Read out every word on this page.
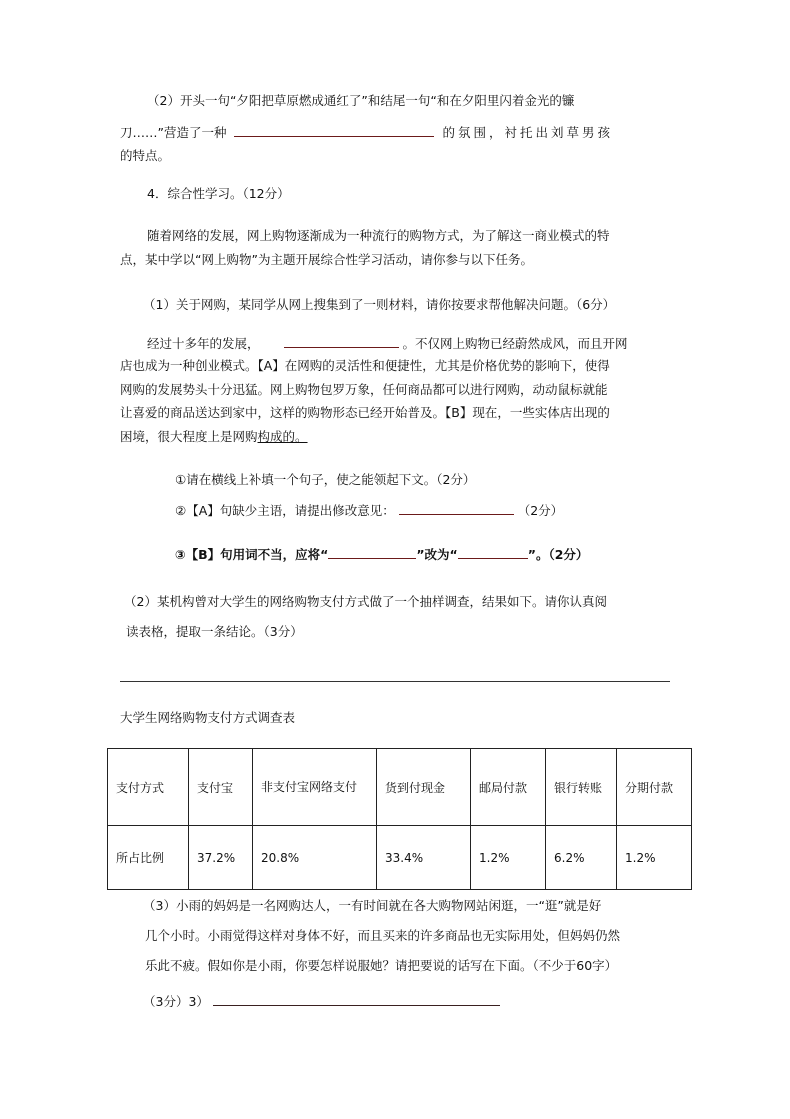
（2）开头一句“夕阳把草原燃成通红了”和结尾一句“和在夕阳里闪着金光的镰
刀……”营造了一种	的氛围，衬托出刘草男孩
的特点。
4．综合性学习。（12分）
随着网络的发展，网上购物逐渐成为一种流行的购物方式，为了解这一商业模式的特
点，某中学以“网上购物”为主题开展综合性学习活动，请你参与以下任务。
（1）关于网购，某同学从网上搜集到了一则材料，请你按要求帮他解决问题。（6分）
经过十多年的发展，	。不仅网上购物已经蔚然成风，而且开网
店也成为一种创业模式。【A】在网购的灵活性和便捷性，尤其是价格优势的影响下，使得
网购的发展势头十分迅猛。网上购物包罗万象，任何商品都可以进行网购，动动鼠标就能
让喜爱的商品送达到家中，这样的购物形态已经开始普及。【B】现在，一些实体店出现的
困境，很大程度上是网购构成的。
①请在横线上补填一个句子，使之能领起下文。（2分）
②【A】句缺少主语，请提出修改意见：	（2分）
③【B】句用词不当，应将“	”改为“	”。（2分）
（2）某机构曾对大学生的网络购物支付方式做了一个抽样调查，结果如下。请你认真阅
读表格，提取一条结论。（3分）
大学生网络购物支付方式调查表
支付方式	支付宝	非支付宝网络支付	货到付现金	邮局付款	银行转账	分期付款
所占比例	37.2%	20.8%	33.4%	1.2%	6.2%	1.2%
（3）小雨的妈妈是一名网购达人，一有时间就在各大购物网站闲逛，一“逛”就是好
几个小时。小雨觉得这样对身体不好，而且买来的许多商品也无实际用处，但妈妈仍然
乐此不疲。假如你是小雨，你要怎样说服她？请把要说的话写在下面。（不少于60字）
（3分）3）
